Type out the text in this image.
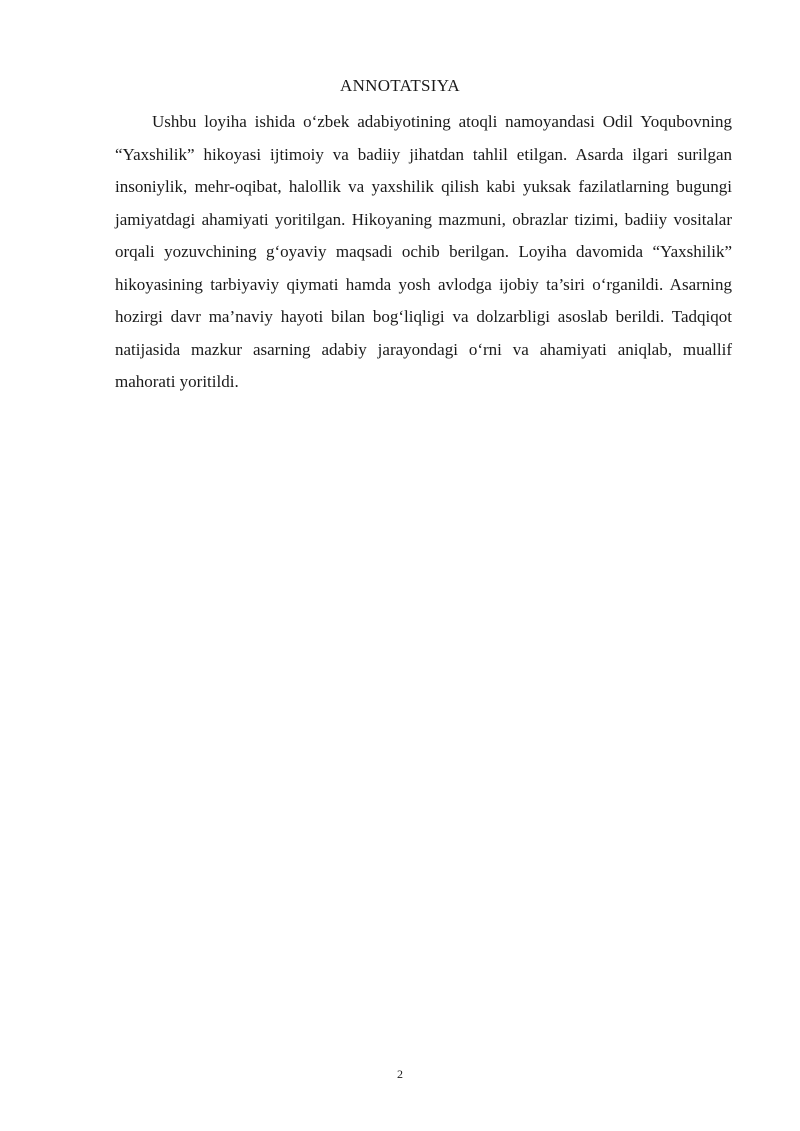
ANNOTATSIYA

Ushbu loyiha ishida o‘zbek adabiyotining atoqli namoyandasi Odil Yoqubovning “Yaxshilik” hikoyasi ijtimoiy va badiiy jihatdan tahlil etilgan. Asarda ilgari surilgan insoniylik, mehr-oqibat, halollik va yaxshilik qilish kabi yuksak fazilatlarning bugungi jamiyatdagi ahamiyati yoritilgan. Hikoyaning mazmuni, obrazlar tizimi, badiiy vositalar orqali yozuvchining g‘oyaviy maqsadi ochib berilgan. Loyiha davomida “Yaxshilik” hikoyasining tarbiyaviy qiymati hamda yosh avlodga ijobiy ta’siri o‘rganildi. Asarning hozirgi davr ma’naviy hayoti bilan bog‘liqligi va dolzarbligi asoslab berildi. Tadqiqot natijasida mazkur asarning adabiy jarayondagi o‘rni va ahamiyati aniqlab, muallif mahorati yoritildi.

2
